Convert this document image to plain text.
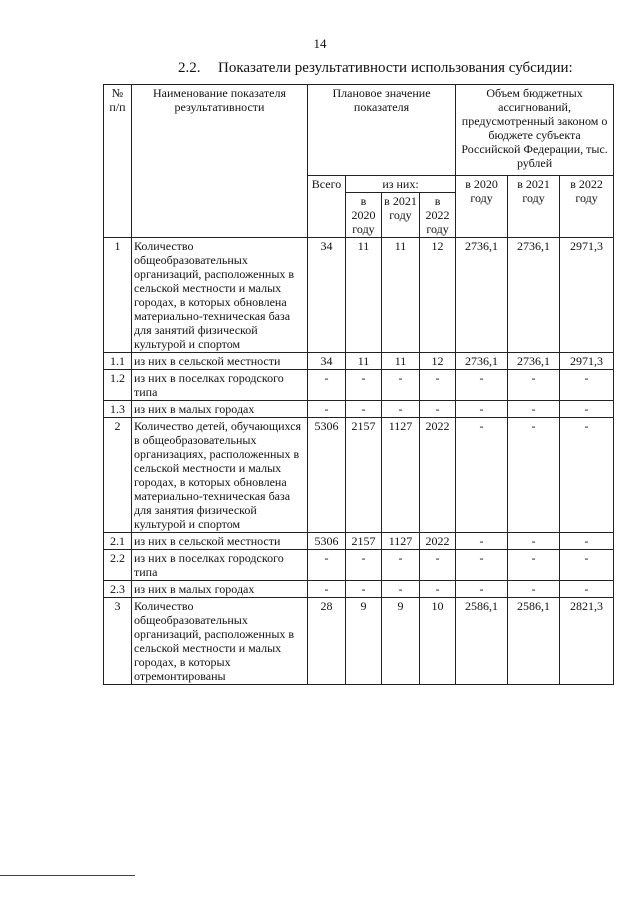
14
2.2. Показатели результативности использования субсидии:
№ п/п	Наименование показателя результативности	Плановое значение показателя				Объем бюджетных ассигнований, предусмотренный законом о бюджете субъекта Российской Федерации, тыс. рублей		
		Всего	из них:			в 2020 году	в 2021 году	в 2022 году
			в 2020 году	в 2021 году	в 2022 году			
1	Количество общеобразовательных организаций, расположенных в сельской местности и малых городах, в которых обновлена материально-техническая база для занятий физической культурой и спортом	34	11	11	12	2736,1	2736,1	2971,3
1.1	из них в сельской местности	34	11	11	12	2736,1	2736,1	2971,3
1.2	из них в поселках городского типа	-	-	-	-	-	-	-
1.3	из них в малых городах	-	-	-	-	-	-	-
2	Количество детей, обучающихся в общеобразовательных организациях, расположенных в сельской местности и малых городах, в которых обновлена материально-техническая база для занятия физической культурой и спортом	5306	2157	1127	2022	-	-	-
2.1	из них в сельской местности	5306	2157	1127	2022	-	-	-
2.2	из них в поселках городского типа	-	-	-	-	-	-	-
2.3	из них в малых городах	-	-	-	-	-	-	-
3	Количество общеобразовательных организаций, расположенных в сельской местности и малых городах, в которых отремонтированы	28	9	9	10	2586,1	2586,1	2821,3
